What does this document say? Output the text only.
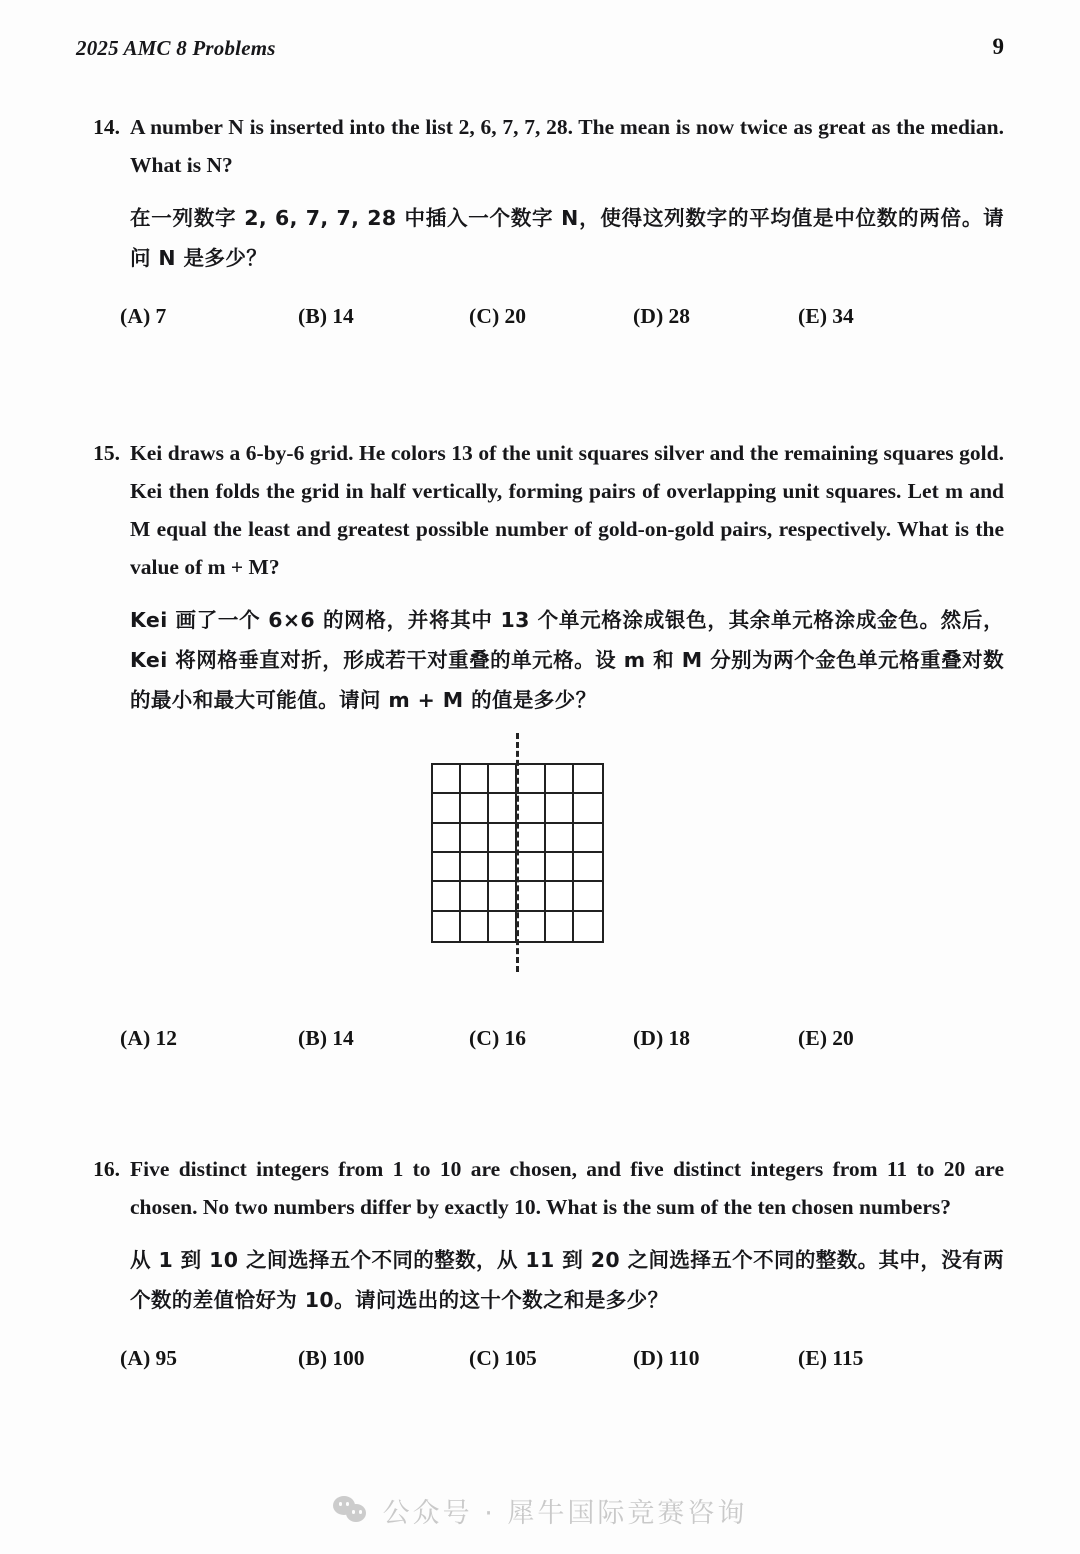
2025 AMC 8 Problems	9
14. A number N is inserted into the list 2, 6, 7, 7, 28. The mean is now twice as great as the median. What is N?
在一列数字 2, 6, 7, 7, 28 中插入一个数字 N，使得这列数字的平均值是中位数的两倍。请问 N 是多少？
(A) 7	(B) 14	(C) 20	(D) 28	(E) 34
15. Kei draws a 6-by-6 grid. He colors 13 of the unit squares silver and the remaining squares gold. Kei then folds the grid in half vertically, forming pairs of overlapping unit squares. Let m and M equal the least and greatest possible number of gold-on-gold pairs, respectively. What is the value of m + M?
Kei 画了一个 6×6 的网格，并将其中 13 个单元格涂成银色，其余单元格涂成金色。然后，Kei 将网格垂直对折，形成若干对重叠的单元格。设 m 和 M 分别为两个金色单元格重叠对数的最小和最大可能值。请问 m + M 的值是多少？
(A) 12	(B) 14	(C) 16	(D) 18	(E) 20
16. Five distinct integers from 1 to 10 are chosen, and five distinct integers from 11 to 20 are chosen. No two numbers differ by exactly 10. What is the sum of the ten chosen numbers?
从 1 到 10 之间选择五个不同的整数，从 11 到 20 之间选择五个不同的整数。其中，没有两个数的差值恰好为 10。请问选出的这十个数之和是多少？
(A) 95	(B) 100	(C) 105	(D) 110	(E) 115
公众号 · 犀牛国际竞赛咨询
